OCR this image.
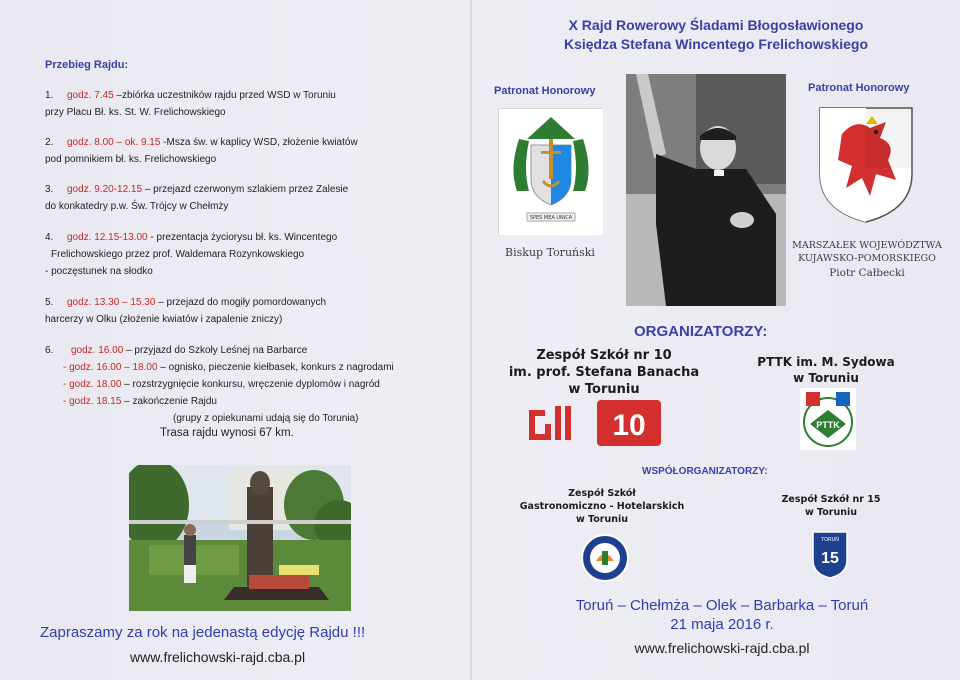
Przebieg Rajdu:
1. godz. 7.45 –zbiórka uczestników rajdu przed WSD w Toruniu
przy Placu Bł. ks. St. W. Frelichowskiego
2. godz. 8.00 – ok. 9.15 -Msza św. w kaplicy WSD, złożenie kwiatów
pod pomnikiem bł. ks. Frelichowskiego
3. godz. 9.20-12.15 – przejazd czerwonym szlakiem przez Zalesie
do konkatedry p.w. Św. Trójcy w Chełmży
4. godz. 12.15-13.00 - prezentacja życiorysu bł. ks. Wincentego
Frelichowskiego przez prof. Waldemara Rozynkowskiego
- poczęstunek na słodko
5. godz. 13.30 – 15.30 – przejazd do mogiły pomordowanych
harcerzy w Olku (złożenie kwiatów i zapalenie zniczy)
6. godz. 16.00 – przyjazd do Szkoły Leśnej na Barbarce
- godz. 16.00 – 18.00 – ognisko, pieczenie kiełbasek, konkurs z nagrodami
- godz. 18.00 – rozstrzygnięcie konkursu, wręczenie dyplomów i nagród
- godz. 18.15 – zakończenie Rajdu
(grupy z opiekunami udają się do Torunia)
Trasa rajdu wynosi 67 km.
Zapraszamy za rok na jedenastą edycję Rajdu !!!
www.frelichowski-rajd.cba.pl
X Rajd Rowerowy Śladami Błogosławionego
Księdza Stefana Wincentego Frelichowskiego
Patronat Honorowy	Patronat Honorowy
SPES MEA UNICA
Biskup Toruński
MARSZAŁEK WOJEWÓDZTWA
KUJAWSKO-POMORSKIEGO
Piotr Całbecki
ORGANIZATORZY:
Zespół Szkół nr 10
im. prof. Stefana Banacha
w Toruniu
PTTK im. M. Sydowa
w Toruniu
10	PTTK
WSPÓŁORGANIZATORZY:
Zespół Szkół
Gastronomiczno - Hotelarskich
w Toruniu
Zespół Szkół nr 15
w Toruniu
TORUŃ
15
Toruń – Chełmża – Olek – Barbarka – Toruń
21 maja 2016 r.
www.frelichowski-rajd.cba.pl
